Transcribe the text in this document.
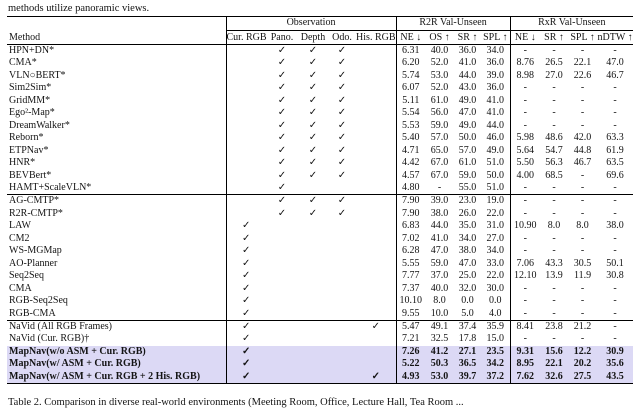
methods utilize panoramic views.
	Observation					R2R Val-Unseen				RxR Val-Unseen			
Method	Cur. RGB	Pano.	Depth	Odo.	His. RGB	NE ↓	OS ↑	SR ↑	SPL ↑	NE ↓	SR ↑	SPL ↑	nDTW ↑
HPN+DN*		✓	✓	✓		6.31	40.0	36.0	34.0	-	-	-	-
CMA*		✓	✓	✓		6.20	52.0	41.0	36.0	8.76	26.5	22.1	47.0
VLN○BERT*		✓	✓	✓		5.74	53.0	44.0	39.0	8.98	27.0	22.6	46.7
Sim2Sim*		✓	✓	✓		6.07	52.0	43.0	36.0	-	-	-	-
GridMM*		✓	✓	✓		5.11	61.0	49.0	41.0	-	-	-	-
Ego²-Map*		✓	✓	✓		5.54	56.0	47.0	41.0	-	-	-	-
DreamWalker*		✓	✓	✓		5.53	59.0	49.0	44.0	-	-	-	-
Reborn*		✓	✓	✓		5.40	57.0	50.0	46.0	5.98	48.6	42.0	63.3
ETPNav*		✓	✓	✓		4.71	65.0	57.0	49.0	5.64	54.7	44.8	61.9
HNR*		✓	✓	✓		4.42	67.0	61.0	51.0	5.50	56.3	46.7	63.5
BEVBert*		✓	✓	✓		4.57	67.0	59.0	50.0	4.00	68.5	-	69.6
HAMT+ScaleVLN*		✓				4.80	-	55.0	51.0	-	-	-	-
AG-CMTP*		✓	✓	✓		7.90	39.0	23.0	19.0	-	-	-	-
R2R-CMTP*		✓	✓	✓		7.90	38.0	26.0	22.0	-	-	-	-
LAW	✓					6.83	44.0	35.0	31.0	10.90	8.0	8.0	38.0
CM2	✓					7.02	41.0	34.0	27.0	-	-	-	-
WS-MGMap	✓					6.28	47.0	38.0	34.0	-	-	-	-
AO-Planner	✓					5.55	59.0	47.0	33.0	7.06	43.3	30.5	50.1
Seq2Seq	✓					7.77	37.0	25.0	22.0	12.10	13.9	11.9	30.8
CMA	✓					7.37	40.0	32.0	30.0	-	-	-	-
RGB-Seq2Seq	✓					10.10	8.0	0.0	0.0	-	-	-	-
RGB-CMA	✓					9.55	10.0	5.0	4.0	-	-	-	-
NaVid (All RGB Frames)	✓				✓	5.47	49.1	37.4	35.9	8.41	23.8	21.2	-
NaVid (Cur. RGB)†	✓					7.21	32.5	17.8	15.0	-	-	-	-
MapNav(w/o ASM + Cur. RGB)	✓					7.26	41.2	27.1	23.5	9.31	15.6	12.2	30.9
MapNav(w/ ASM + Cur. RGB)	✓					5.22	50.3	36.5	34.2	8.95	22.1	20.2	35.6
MapNav(w/ ASM + Cur. RGB + 2 His. RGB)	✓				✓	4.93	53.0	39.7	37.2	7.62	32.6	27.5	43.5
Table 2. Comparison in diverse real-world environments (Meeting Room, Office, Lecture Hall, Tea Room ...
